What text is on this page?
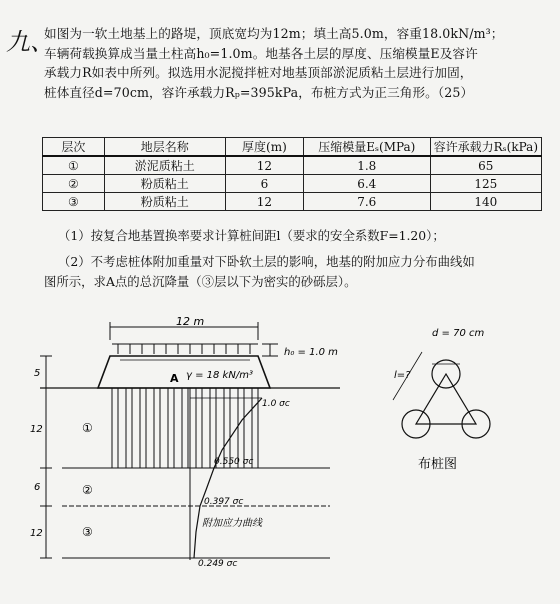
九、
如图为一软土地基上的路堤，顶底宽均为12m；填土高5.0m，容重18.0kN/m³；
车辆荷载换算成当量土柱高h₀=1.0m。地基各土层的厚度、压缩模量E及容许
承载力R如表中所列。拟选用水泥搅拌桩对地基顶部淤泥质粘土层进行加固，
桩体直径d=70cm，容许承载力Rₚ=395kPa，布桩方式为正三角形。（25）
层次	地层名称	厚度(m)	压缩模量Eₛ(MPa)	容许承载力Rₛ(kPa)
①	淤泥质粘土	12	1.8	65
②	粉质粘土	6	6.4	125
③	粉质粘土	12	7.6	140
（1）按复合地基置换率要求计算桩间距l（要求的安全系数F=1.20）；
（2）不考虑桩体附加重量对下卧软土层的影响，地基的附加应力分布曲线如
图所示，求A点的总沉降量（③层以下为密实的砂砾层）。
12 m
h₀ = 1.0 m
γ = 18 kN/m³
A
5
12
6
12
①
②
③
1.0 σc
0.550 σc
0.397 σc
附加应力曲线
0.249 σc
d = 70 cm
l=?
布桩图
